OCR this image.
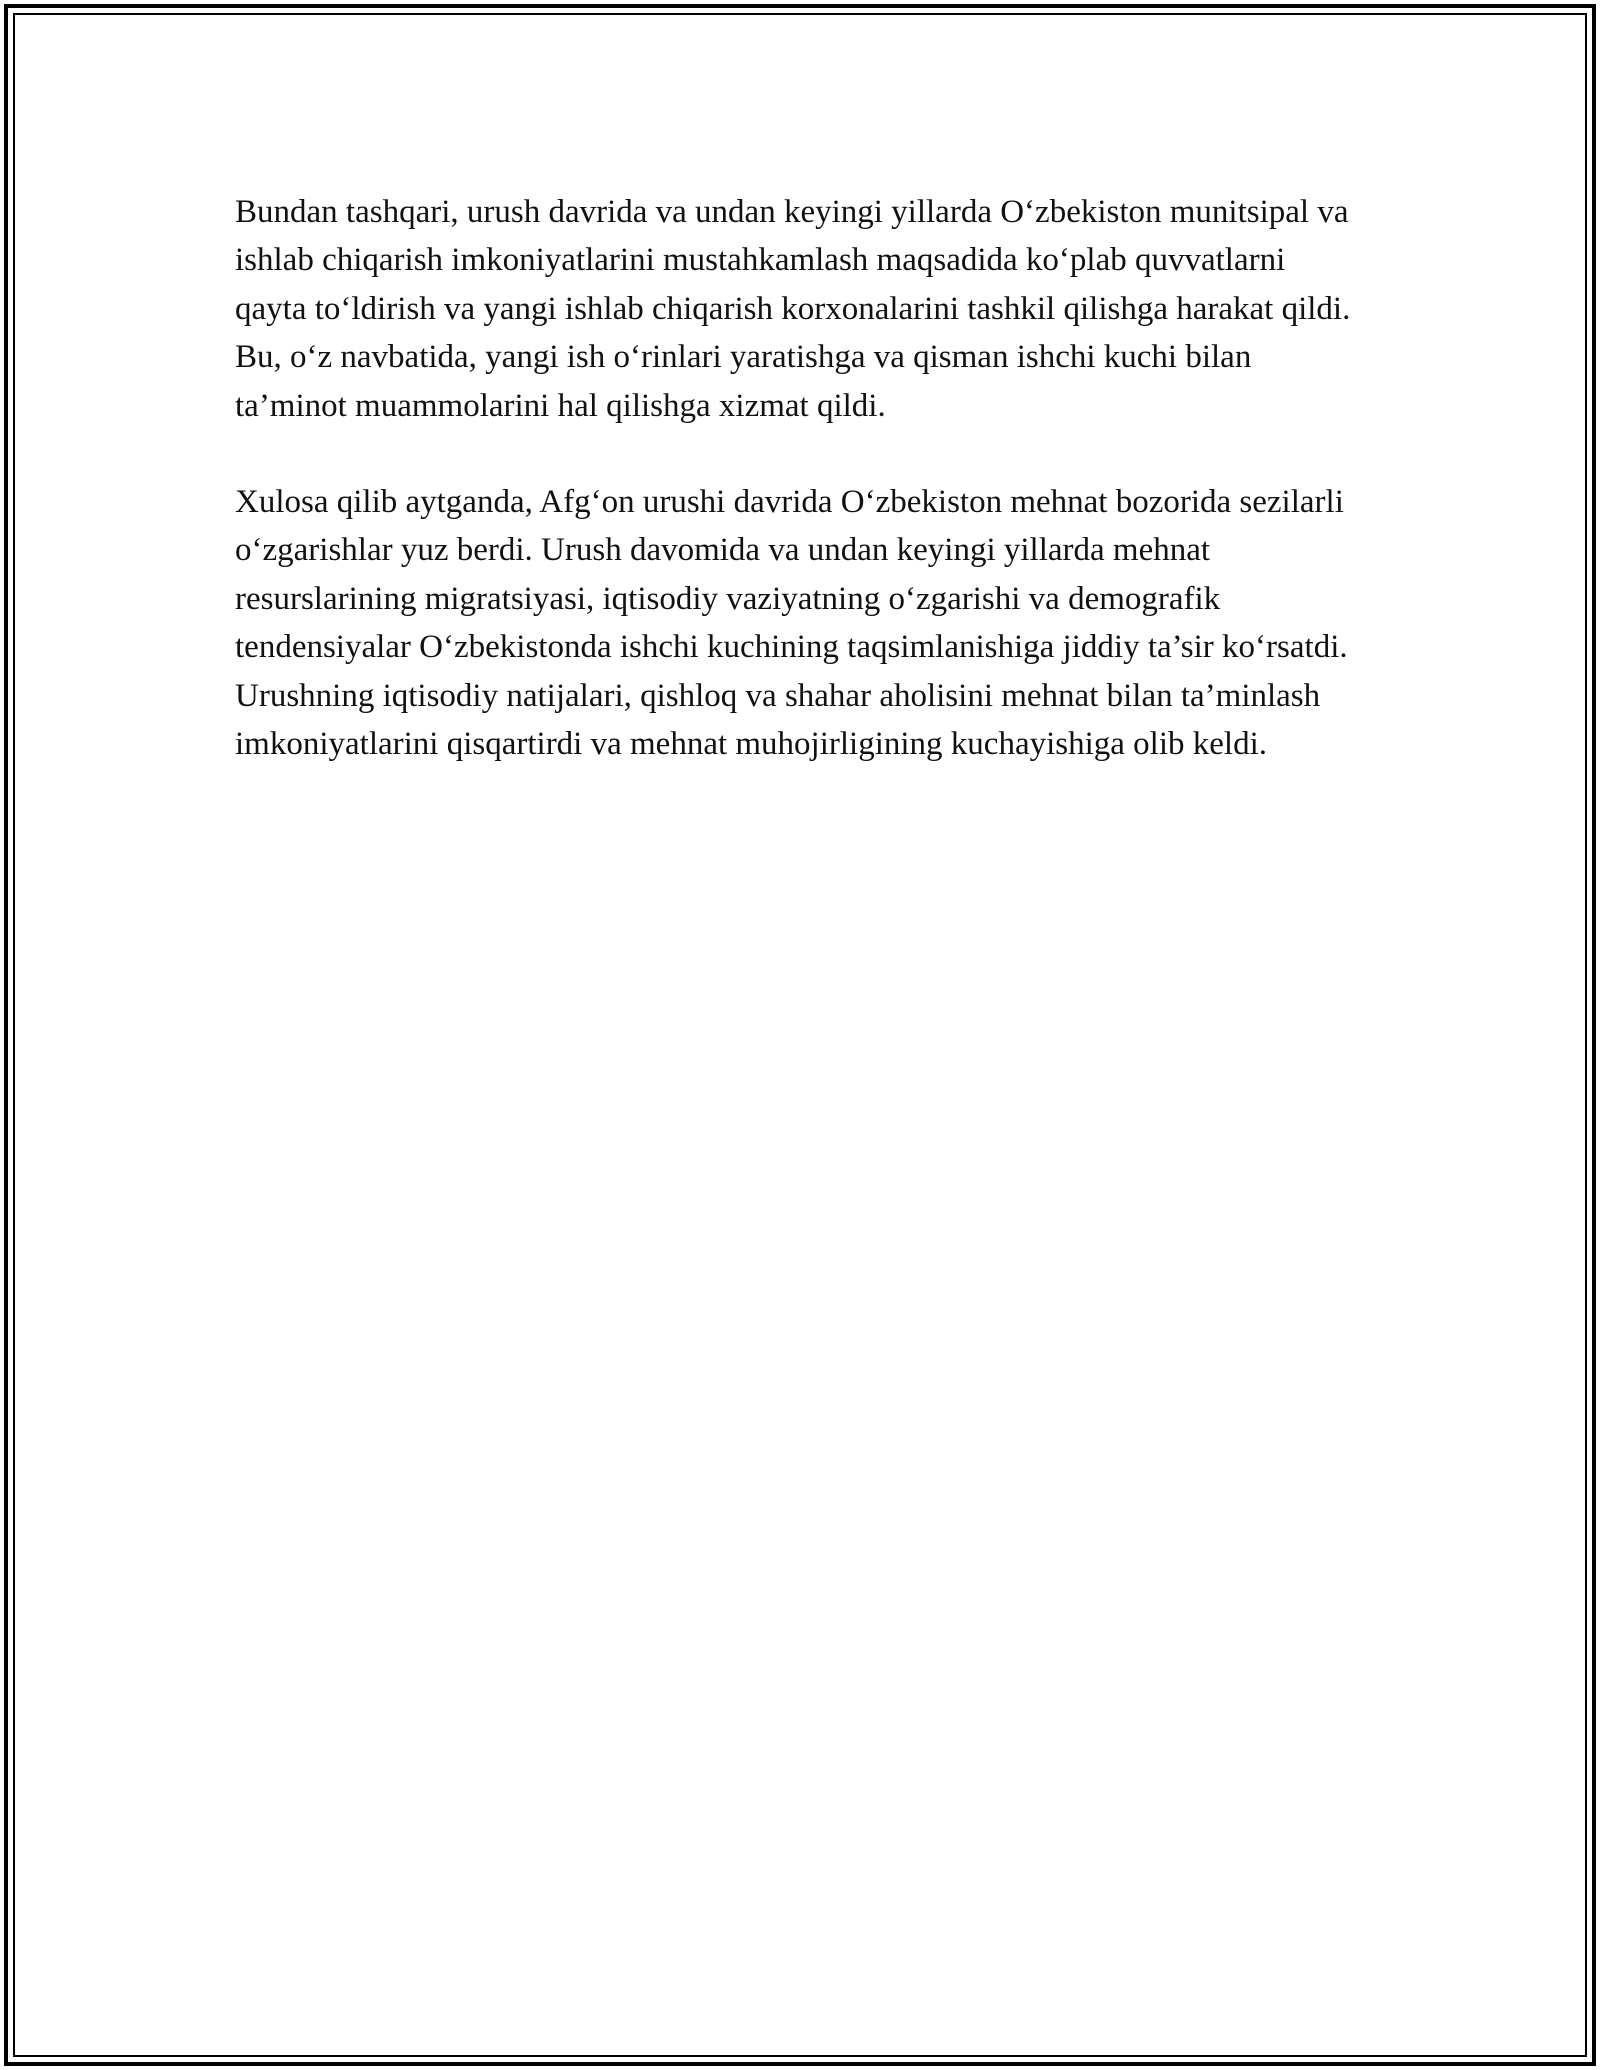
Bundan tashqari, urush davrida va undan keyingi yillarda O‘zbekiston munitsipal va ishlab chiqarish imkoniyatlarini mustahkamlash maqsadida ko‘plab quvvatlarni qayta to‘ldirish va yangi ishlab chiqarish korxonalarini tashkil qilishga harakat qildi. Bu, o‘z navbatida, yangi ish o‘rinlari yaratishga va qisman ishchi kuchi bilan ta’minot muammolarini hal qilishga xizmat qildi.

Xulosa qilib aytganda, Afg‘on urushi davrida O‘zbekiston mehnat bozorida sezilarli o‘zgarishlar yuz berdi. Urush davomida va undan keyingi yillarda mehnat resurslarining migratsiyasi, iqtisodiy vaziyatning o‘zgarishi va demografik tendensiyalar O‘zbekistonda ishchi kuchining taqsimlanishiga jiddiy ta’sir ko‘rsatdi. Urushning iqtisodiy natijalari, qishloq va shahar aholisini mehnat bilan ta’minlash imkoniyatlarini qisqartirdi va mehnat muhojirligining kuchayishiga olib keldi.
